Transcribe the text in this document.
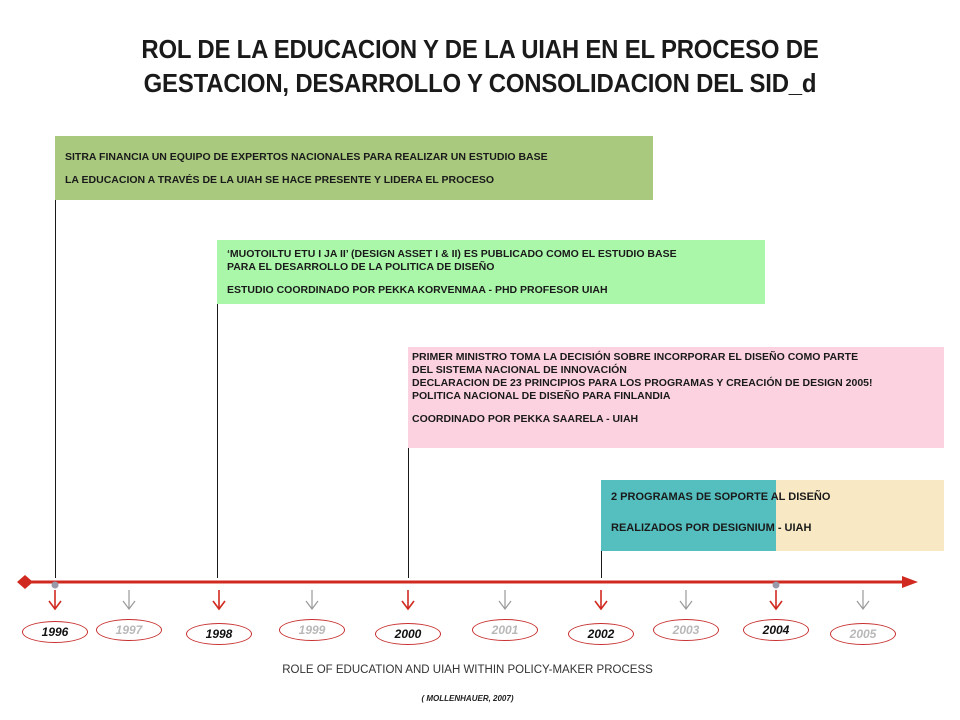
ROL DE LA EDUCACION Y DE LA UIAH EN EL PROCESO DE
GESTACION, DESARROLLO Y CONSOLIDACION DEL SID_d

SITRA FINANCIA UN EQUIPO DE EXPERTOS NACIONALES PARA REALIZAR UN ESTUDIO BASE

LA EDUCACION A TRAVÉS DE LA UIAH SE HACE PRESENTE Y LIDERA EL PROCESO

‘MUOTOILTU ETU I JA II’ (DESIGN ASSET I & II) ES PUBLICADO COMO EL ESTUDIO BASE

PARA EL DESARROLLO DE LA POLITICA DE DISEÑO

ESTUDIO COORDINADO POR PEKKA KORVENMAA - PHD PROFESOR UIAH

PRIMER MINISTRO TOMA LA DECISIÓN SOBRE INCORPORAR EL DISEÑO COMO PARTE

DEL SISTEMA NACIONAL DE INNOVACIÓN

DECLARACION DE 23 PRINCIPIOS PARA LOS PROGRAMAS Y CREACIÓN DE DESIGN 2005!

POLITICA NACIONAL DE DISEÑO PARA FINLANDIA

COORDINADO POR PEKKA SAARELA - UIAH

2 PROGRAMAS DE SOPORTE AL DISEÑO

REALIZADOS POR DESIGNIUM - UIAH

1996	1997	1998	1999	2000	2001	2002	2003	2004	2005
ROLE OF EDUCATION AND UIAH WITHIN POLICY-MAKER PROCESS
( MOLLENHAUER, 2007)
